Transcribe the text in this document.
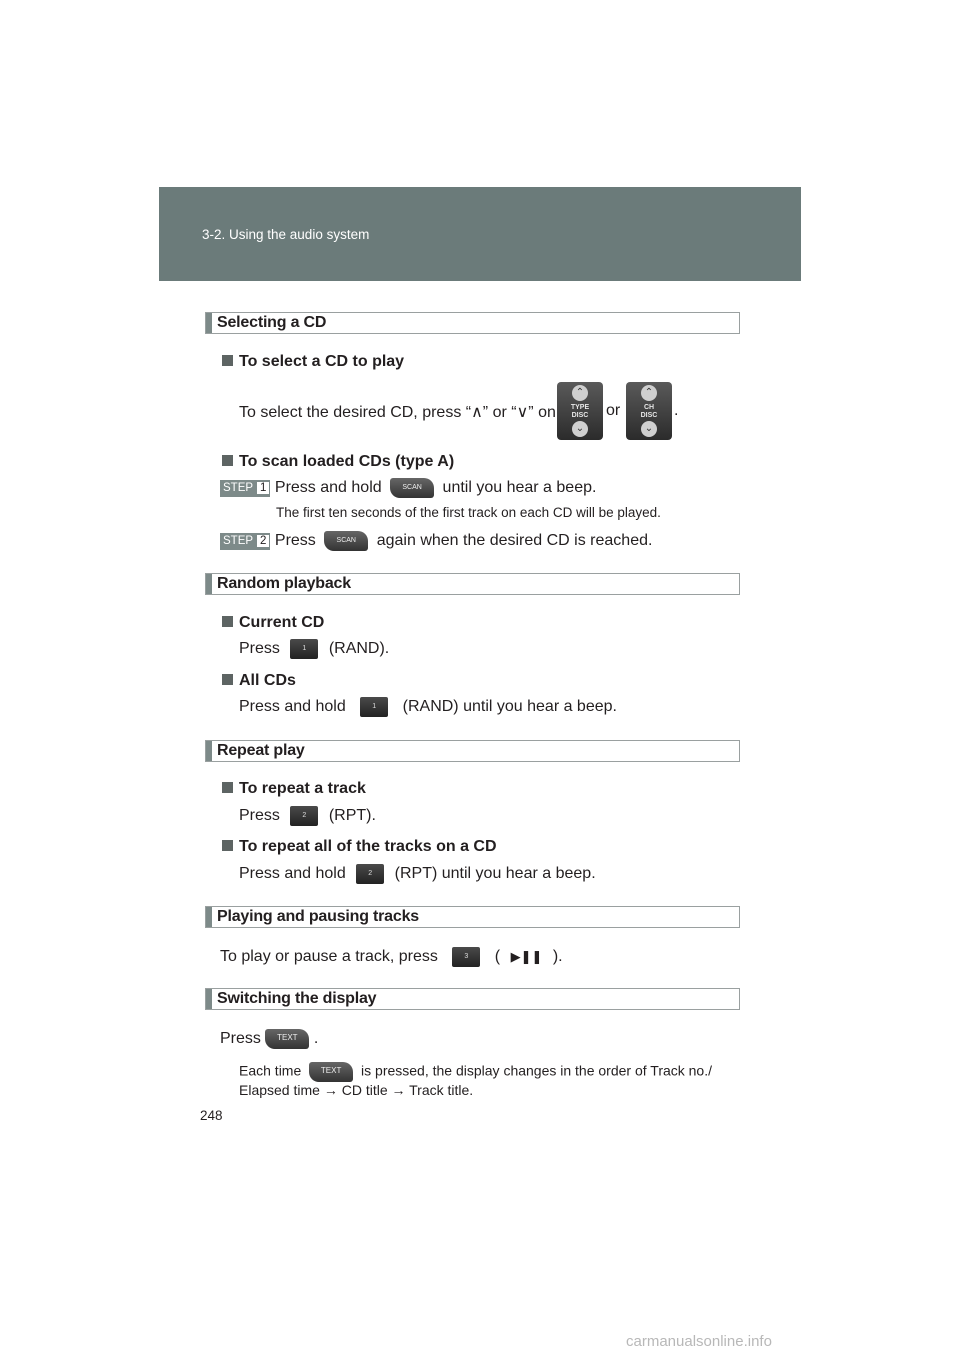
3-2. Using the audio system
Selecting a CD
To select a CD to play
To select the desired CD, press “∧” or “∨” on
⌃
TYPE
DISC
⌄
or
⌃
CH
DISC
⌄
.
To scan loaded CDs (type A)
STEP 1 Press and hold	SCAN until you hear a beep.
The first ten seconds of the first track on each CD will be played.
STEP 2 Press	SCAN again when the desired CD is reached.
Random playback
Current CD
Press	1 (RAND).
All CDs
Press and hold	1 (RAND) until you hear a beep.
Repeat play
To repeat a track
Press	2 (RPT).
To repeat all of the tracks on a CD
Press and hold	2 (RPT) until you hear a beep.
Playing and pausing tracks
To play or pause a track, press	3 ( ▶❚❚ ).
Switching the display
Press TEXT .
Each time TEXT is pressed, the display changes in the order of Track no./
Elapsed time → CD title → Track title.
248
carmanualsonline.info
